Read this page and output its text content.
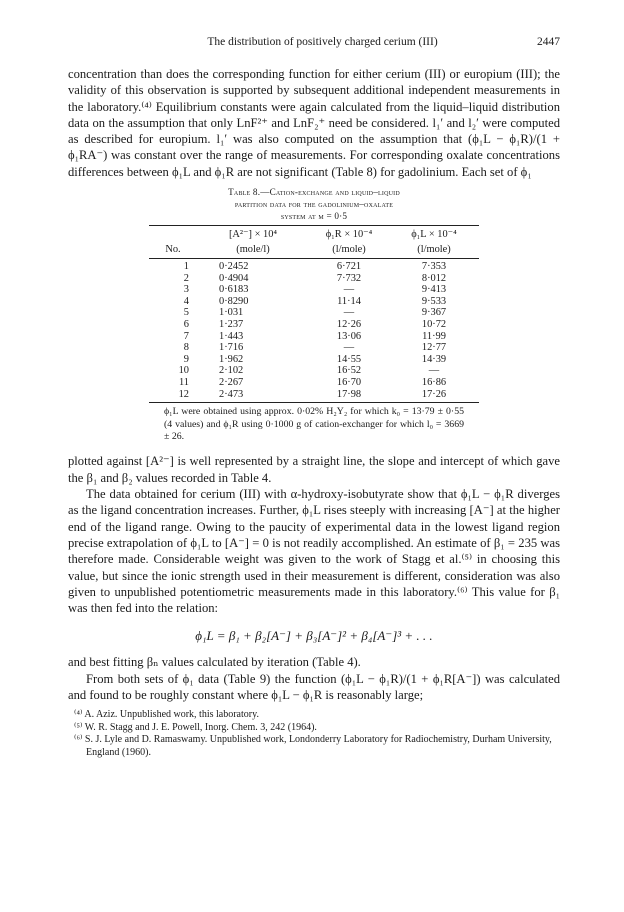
The distribution of positively charged cerium (III)	2447

concentration than does the corresponding function for either cerium (III) or europium (III); the validity of this observation is supported by subsequent additional independent measurements in the laboratory.⁽⁴⁾ Equilibrium constants were again calculated from the liquid–liquid distribution data on the assumption that only LnF²⁺ and LnF₂⁺ need be considered. l₁′ and l₂′ were computed as described for europium. l₁′ was also computed on the assumption that (ϕ₁L − ϕ₁R)/(1 + ϕ₁RA⁻) was constant over the range of measurements. For corresponding oxalate concentrations differences between ϕ₁L and ϕ₁R are not significant (Table 8) for gadolinium. Each set of ϕ₁

Table 8.—Cation-exchange and liquid–liquid
partition data for the gadolinium–oxalate
system at μ = 0·5
	[A²⁻] × 10⁴	ϕ₁R × 10⁻⁴	ϕ₁L × 10⁻⁴
No.	(mole/l)	(l/mole)	(l/mole)
1	0·2452	6·721	7·353
2	0·4904	7·732	8·012
3	0·6183	—	9·413
4	0·8290	11·14	9·533
5	1·031	—	9·367
6	1·237	12·26	10·72
7	1·443	13·06	11·99
8	1·716	—	12·77
9	1·962	14·55	14·39
10	2·102	16·52	—
11	2·267	16·70	16·86
12	2·473	17·98	17·26
ϕ₁L were obtained using approx. 0·02% H₂Y₂ for which k₀ = 13·79 ± 0·55 (4 values) and ϕ₁R using 0·1000 g of cation-exchanger for which l₀ = 3669 ± 26.

plotted against [A²⁻] is well represented by a straight line, the slope and intercept of which gave the β₁ and β₂ values recorded in Table 4.

The data obtained for cerium (III) with α-hydroxy-isobutyrate show that ϕ₁L − ϕ₁R diverges as the ligand concentration increases. Further, ϕ₁L rises steeply with increasing [A⁻] at the higher end of the ligand range. Owing to the paucity of experimental data in the lowest ligand region precise extrapolation of ϕ₁L to [A⁻] = 0 is not readily accomplished. An estimate of β₁ = 235 was therefore made. Considerable weight was given to the work of Stagg et al.⁽⁵⁾ in choosing this value, but since the ionic strength used in their measurement is different, consideration was also given to unpublished potentiometric measurements made in this laboratory.⁽⁶⁾ This value for β₁ was then fed into the relation:

ϕ₁L = β₁ + β₂[A⁻] + β₃[A⁻]² + β₄[A⁻]³ + . . .

and best fitting βₙ values calculated by iteration (Table 4).

From both sets of ϕ₁ data (Table 9) the function (ϕ₁L − ϕ₁R)/(1 + ϕ₁R[A⁻]) was calculated and found to be roughly constant where ϕ₁L − ϕ₁R is reasonably large;

⁽⁴⁾ A. Aziz. Unpublished work, this laboratory.
⁽⁵⁾ W. R. Stagg and J. E. Powell, Inorg. Chem. 3, 242 (1964).
⁽⁶⁾ S. J. Lyle and D. Ramaswamy. Unpublished work, Londonderry Laboratory for Radiochemistry, Durham University, England (1960).
